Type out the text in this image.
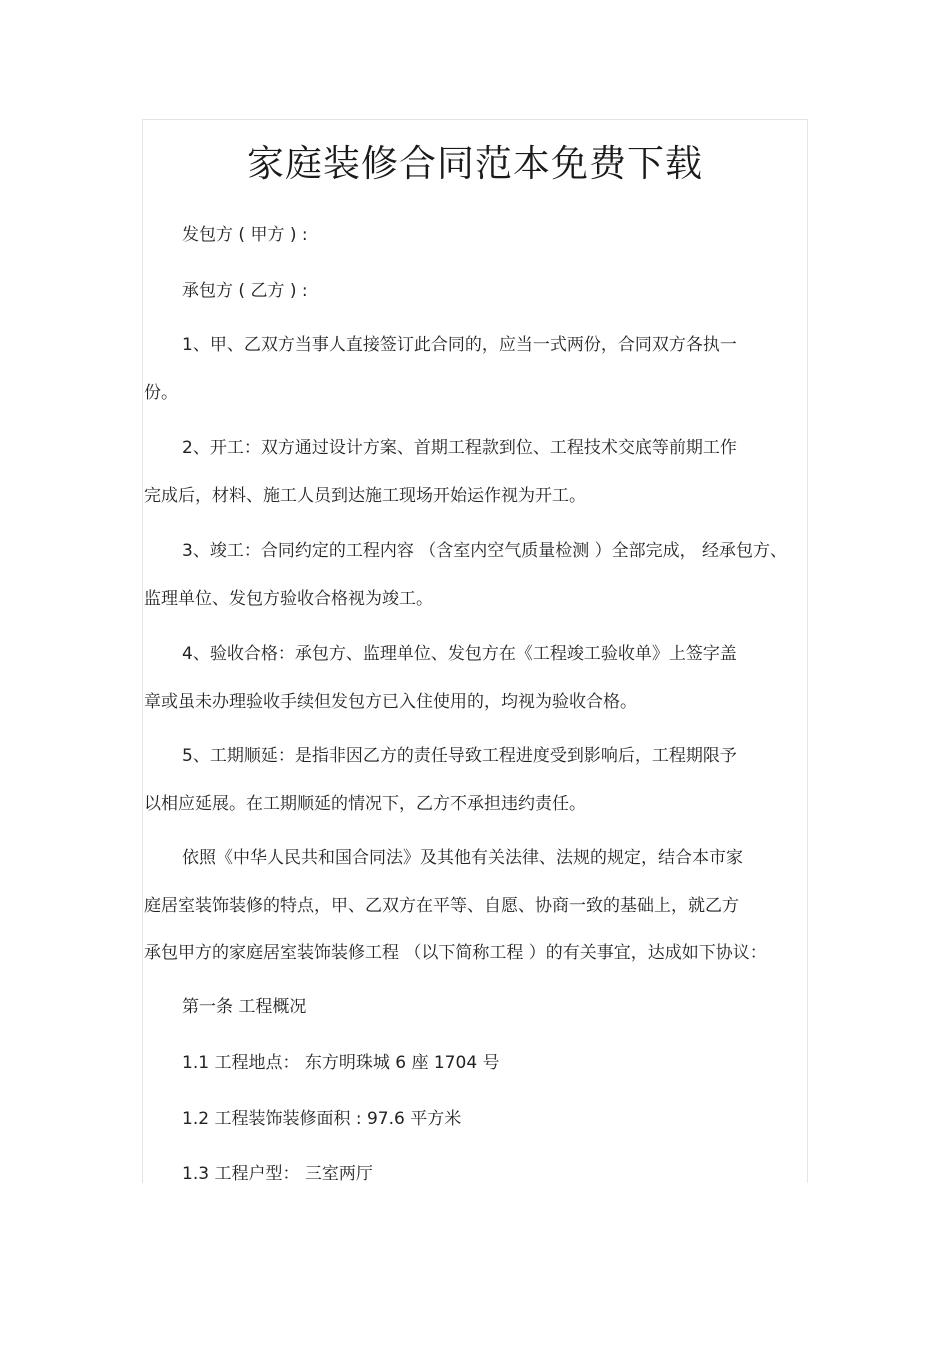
家庭装修合同范本免费下载
发包方 ( 甲方 ) :
承包方 ( 乙方 ) :
1、甲、乙双方当事人直接签订此合同的，应当一式两份，合同双方各执一
份。
2、开工：双方通过设计方案、首期工程款到位、工程技术交底等前期工作
完成后，材料、施工人员到达施工现场开始运作视为开工。
3、竣工：合同约定的工程内容 （含室内空气质量检测 ）全部完成， 经承包方、
监理单位、发包方验收合格视为竣工。
4、验收合格：承包方、监理单位、发包方在《工程竣工验收单》上签字盖
章或虽未办理验收手续但发包方已入住使用的，均视为验收合格。
5、工期顺延：是指非因乙方的责任导致工程进度受到影响后，工程期限予
以相应延展。在工期顺延的情况下，乙方不承担违约责任。
依照《中华人民共和国合同法》及其他有关法律、法规的规定，结合本市家
庭居室装饰装修的特点，甲、乙双方在平等、自愿、协商一致的基础上，就乙方
承包甲方的家庭居室装饰装修工程 （以下简称工程 ）的有关事宜，达成如下协议：
第一条 工程概况
1.1 工程地点： 东方明珠城 6 座 1704 号
1.2 工程装饰装修面积 : 97.6 平方米
1.3 工程户型： 三室两厅
